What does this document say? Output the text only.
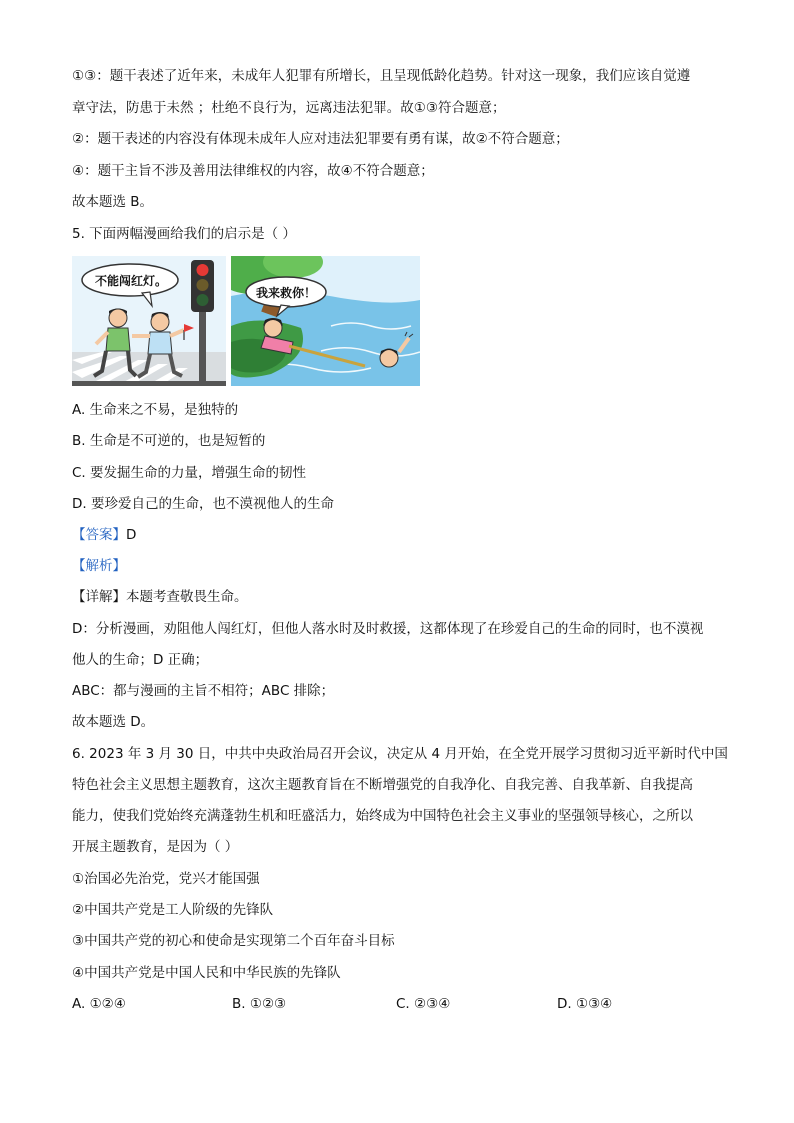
①③：题干表述了近年来，未成年人犯罪有所增长，且呈现低龄化趋势。针对这一现象，我们应该自觉遵
章守法，防患于未然 ；杜绝不良行为，远离违法犯罪。故①③符合题意；
②：题干表述的内容没有体现未成年人应对违法犯罪要有勇有谋，故②不符合题意；
④：题干主旨不涉及善用法律维权的内容，故④不符合题意；
故本题选 B。
5. 下面两幅漫画给我们的启示是（ ）
不能闯红灯。
我来救你！
A. 生命来之不易，是独特的
B. 生命是不可逆的，也是短暂的
C. 要发掘生命的力量，增强生命的韧性
D. 要珍爱自己的生命，也不漠视他人的生命
【答案】D
【解析】
【详解】本题考查敬畏生命。
D：分析漫画，劝阻他人闯红灯，但他人落水时及时救援，这都体现了在珍爱自己的生命的同时，也不漠视
他人的生命；D 正确；
ABC：都与漫画的主旨不相符；ABC 排除；
故本题选 D。
6. 2023 年 3 月 30 日，中共中央政治局召开会议，决定从 4 月开始，在全党开展学习贯彻习近平新时代中国
特色社会主义思想主题教育，这次主题教育旨在不断增强党的自我净化、自我完善、自我革新、自我提高
能力，使我们党始终充满蓬勃生机和旺盛活力，始终成为中国特色社会主义事业的坚强领导核心，之所以
开展主题教育，是因为（ ）
①治国必先治党，党兴才能国强
②中国共产党是工人阶级的先锋队
③中国共产党的初心和使命是实现第二个百年奋斗目标
④中国共产党是中国人民和中华民族的先锋队
A. ①②④	B. ①②③	C. ②③④	D. ①③④
